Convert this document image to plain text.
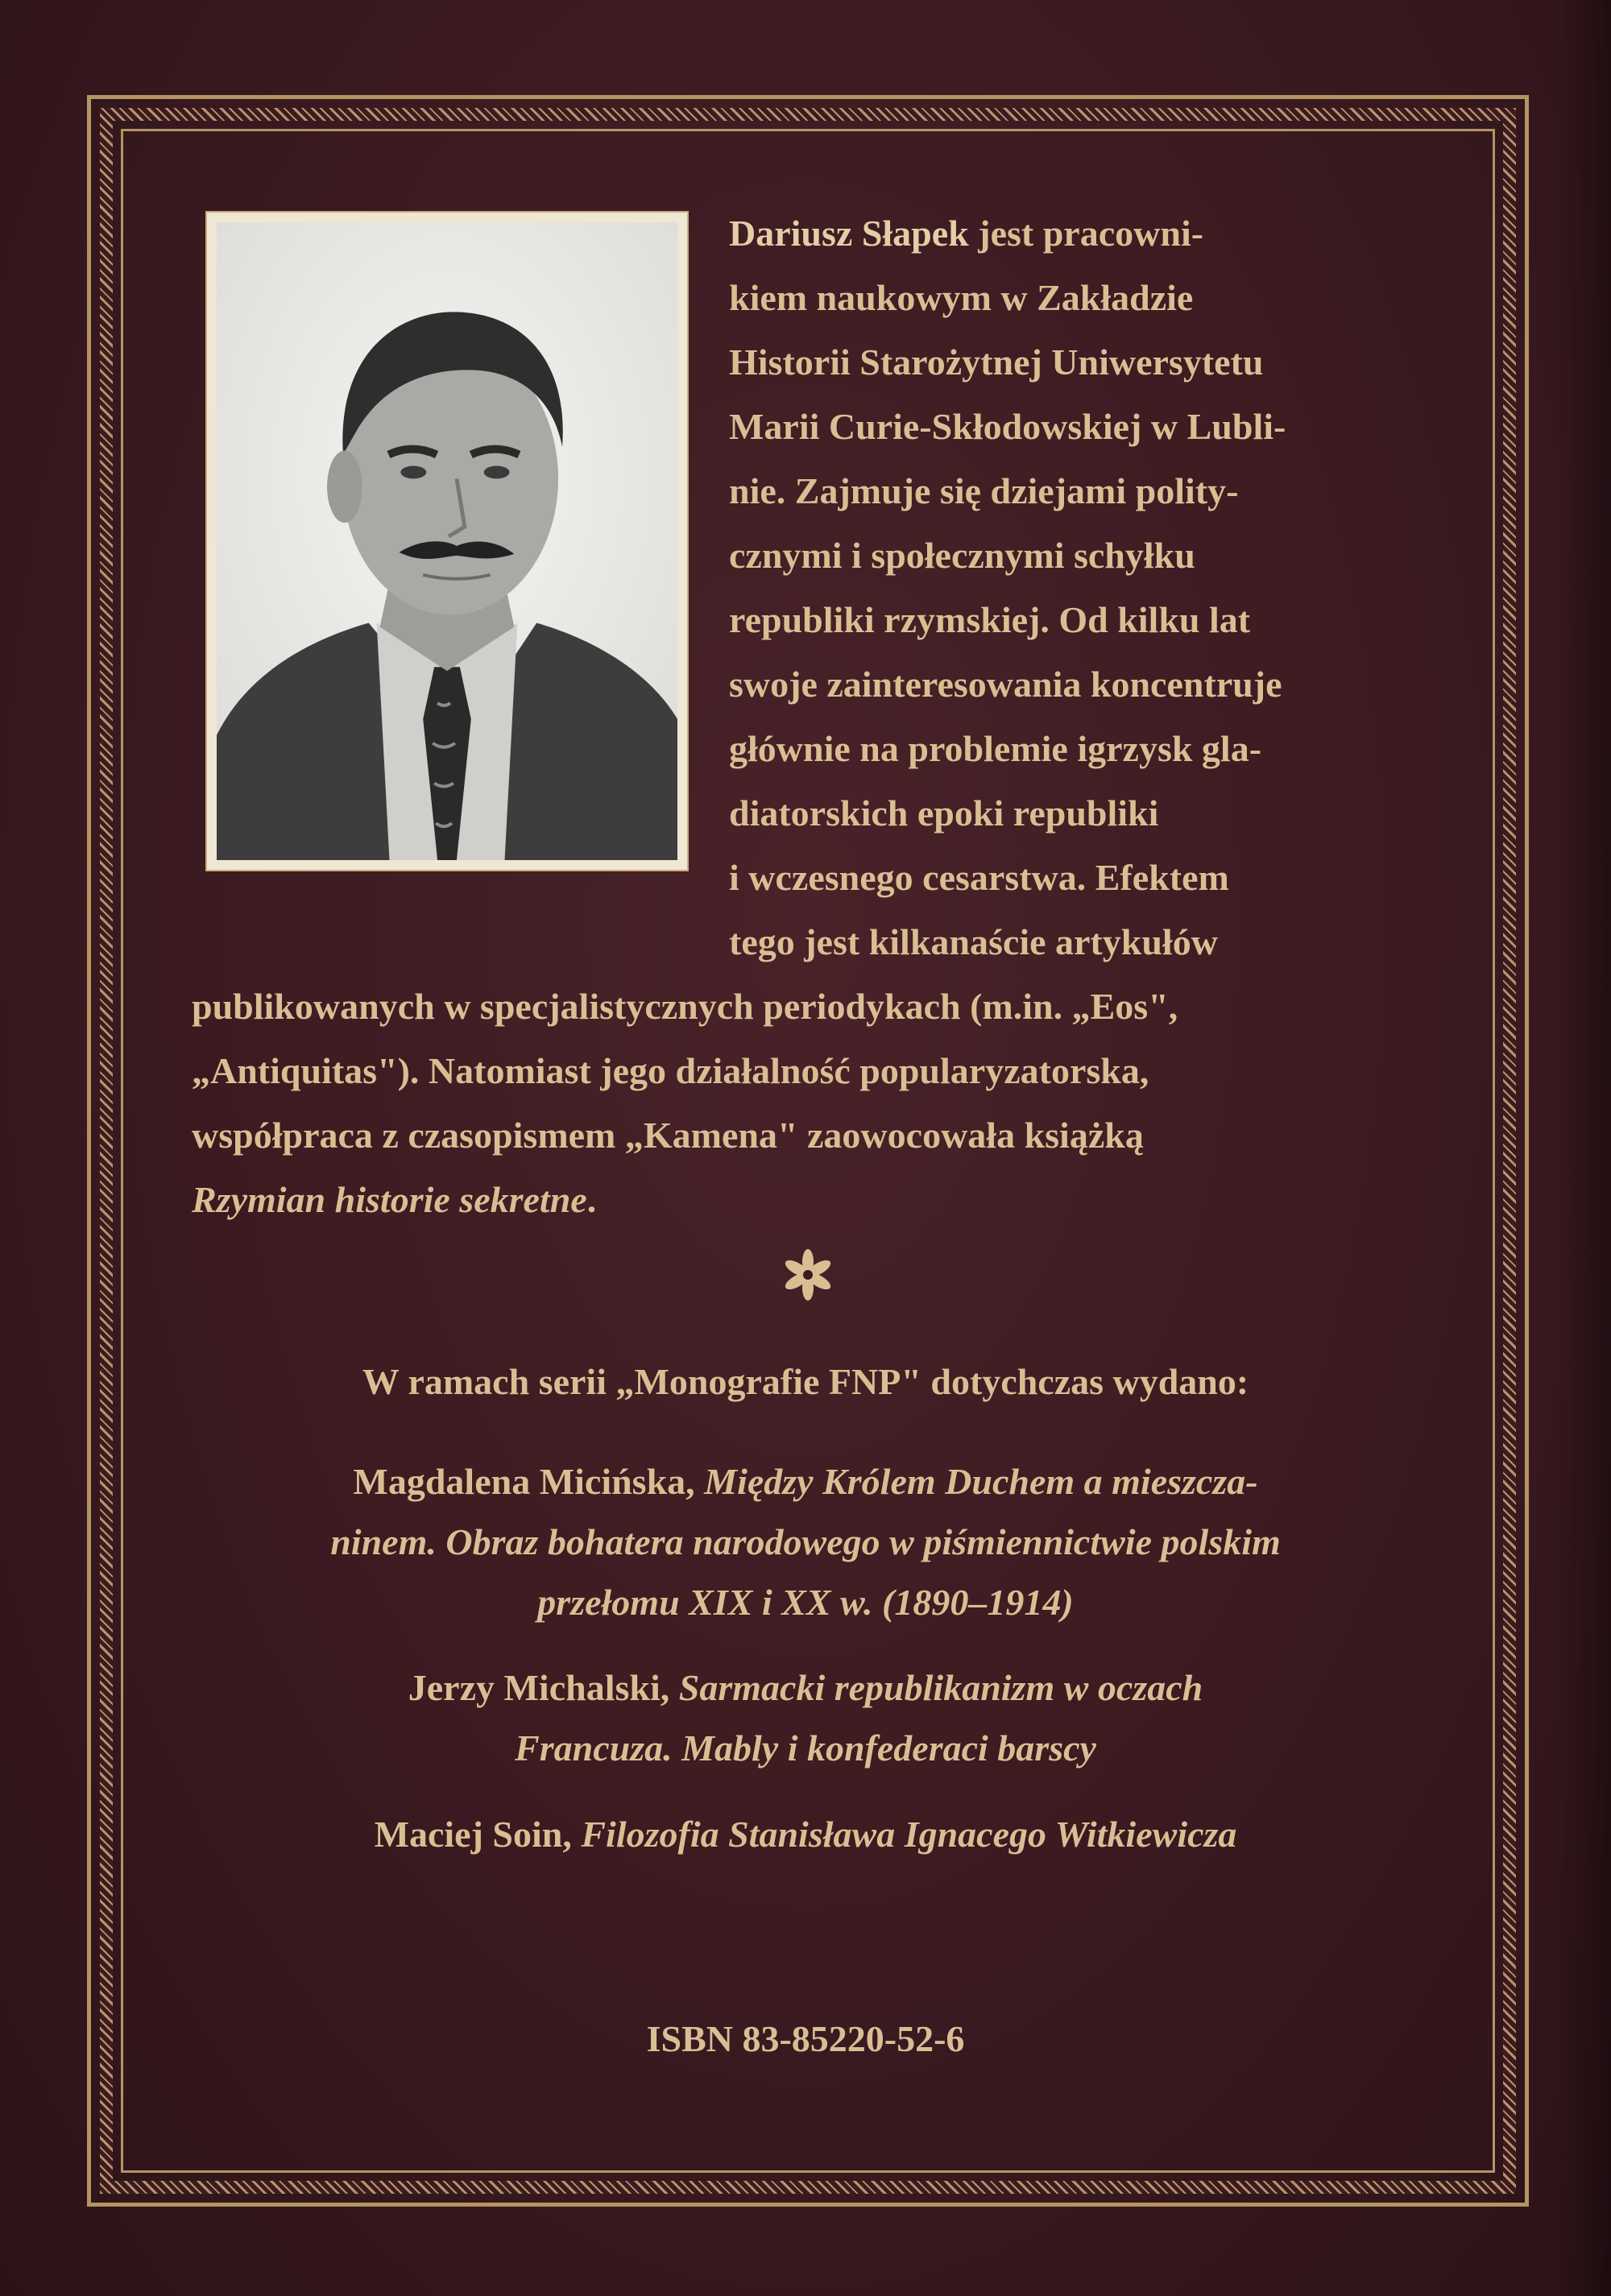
Dariusz Słapek jest pracowni-
kiem naukowym w Zakładzie
Historii Starożytnej Uniwersytetu
Marii Curie-Skłodowskiej w Lubli-
nie. Zajmuje się dziejami polity-
cznymi i społecznymi schyłku
republiki rzymskiej. Od kilku lat
swoje zainteresowania koncentruje
głównie na problemie igrzysk gla-
diatorskich epoki republiki
i wczesnego cesarstwa. Efektem
tego jest kilkanaście artykułów
publikowanych w specjalistycznych periodykach (m.in. „Eos",
„Antiquitas"). Natomiast jego działalność popularyzatorska,
współpraca z czasopismem „Kamena" zaowocowała książką
Rzymian historie sekretne.
W ramach serii „Monografie FNP" dotychczas wydano:
Magdalena Micińska, Między Królem Duchem a mieszcza-
ninem. Obraz bohatera narodowego w piśmiennictwie polskim
przełomu XIX i XX w. (1890–1914)
Jerzy Michalski, Sarmacki republikanizm w oczach
Francuza. Mably i konfederaci barscy
Maciej Soin, Filozofia Stanisława Ignacego Witkiewicza
ISBN 83-85220-52-6
